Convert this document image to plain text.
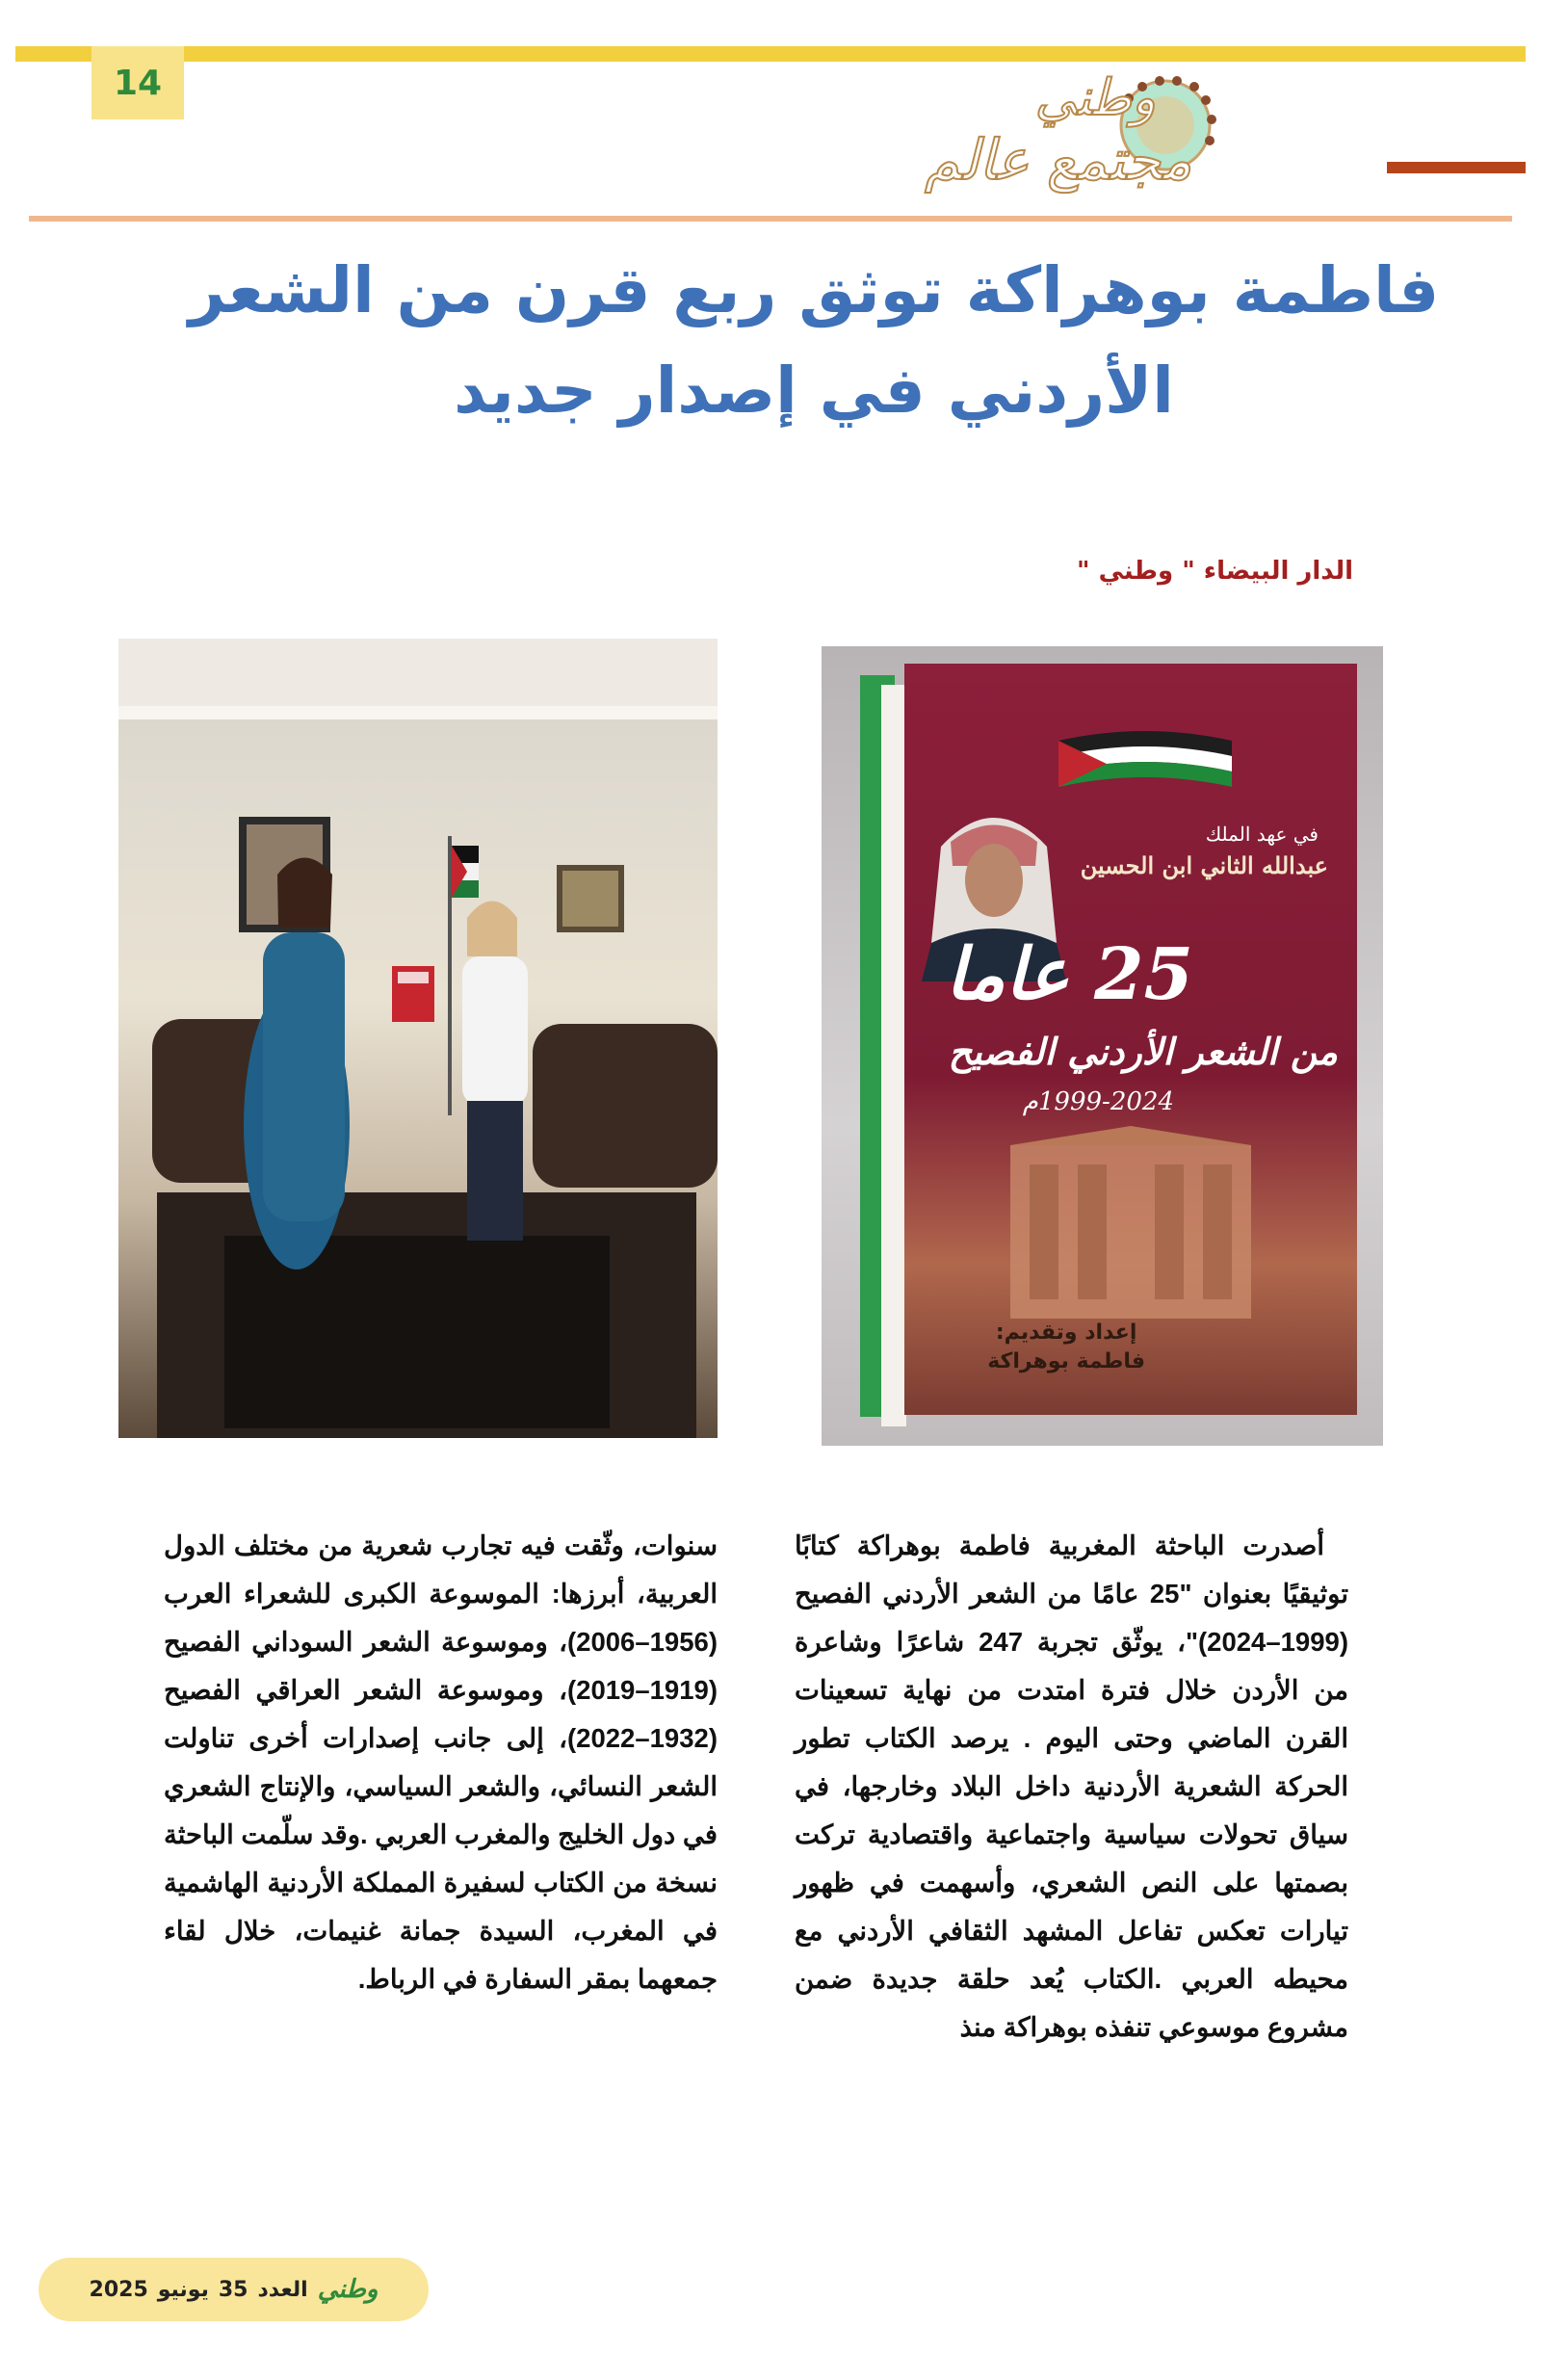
14	وطني
مجتمع عالم
فاطمة بوهراكة توثق ربع قرن من الشعر الأردني في إصدار جديد
الدار البيضاء " وطني "
في عهد الملك
عبدالله الثاني ابن الحسين
25 عاما
من الشعر الأردني الفصيح
1999-2024م
إعداد وتقديم:
فاطمة بوهراكة

أصدرت الباحثة المغربية فاطمة بوهراكة كتابًا توثيقيًا بعنوان "25 عامًا من الشعر الأردني الفصيح (1999–2024)"، يوثّق تجربة 247 شاعرًا وشاعرة من الأردن خلال فترة امتدت من نهاية تسعينات القرن الماضي وحتى اليوم . يرصد الكتاب تطور الحركة الشعرية الأردنية داخل البلاد وخارجها، في سياق تحولات سياسية واجتماعية واقتصادية تركت بصمتها على النص الشعري، وأسهمت في ظهور تيارات تعكس تفاعل المشهد الثقافي الأردني مع محيطه العربي .الكتاب يُعد حلقة جديدة ضمن مشروع موسوعي تنفذه بوهراكة منذ

سنوات، وثّقت فيه تجارب شعرية من مختلف الدول العربية، أبرزها: الموسوعة الكبرى للشعراء العرب (1956–2006)، وموسوعة الشعر السوداني الفصيح (1919–2019)، وموسوعة الشعر العراقي الفصيح (1932–2022)، إلى جانب إصدارات أخرى تناولت الشعر النسائي، والشعر السياسي، والإنتاج الشعري في دول الخليج والمغرب العربي .وقد سلّمت الباحثة نسخة من الكتاب لسفيرة المملكة الأردنية الهاشمية في المغرب، السيدة جمانة غنيمات، خلال لقاء جمعهما بمقر السفارة في الرباط.

وطني
العدد
35
يونيو
2025
